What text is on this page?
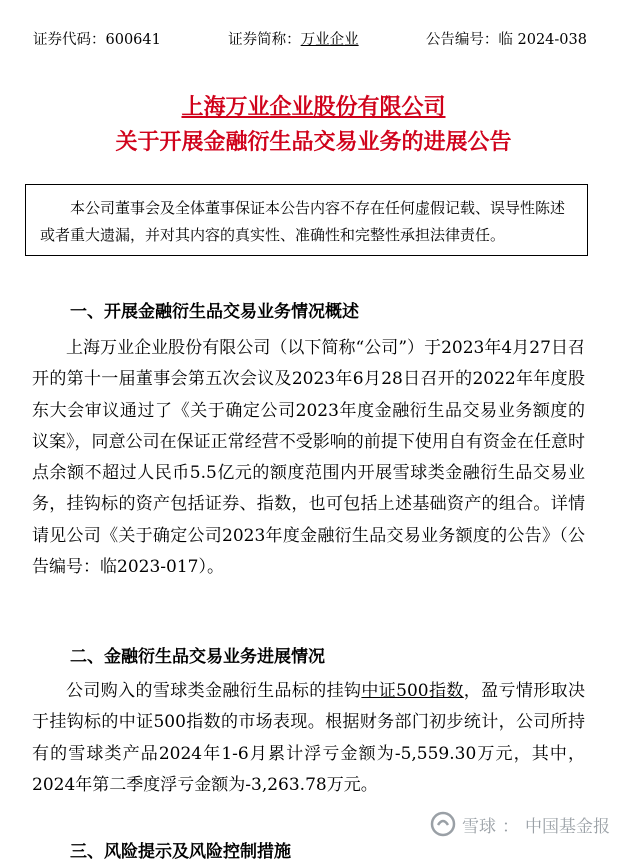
证券代码：600641	证券简称：万业企业	公告编号：临 2024-038
上海万业企业股份有限公司
关于开展金融衍生品交易业务的进展公告
本公司董事会及全体董事保证本公告内容不存在任何虚假记载、误导性陈述或者重大遗漏，并对其内容的真实性、准确性和完整性承担法律责任。
一、开展金融衍生品交易业务情况概述
上海万业企业股份有限公司（以下简称“公司”）于2023年4月27日召开的第十一届董事会第五次会议及2023年6月28日召开的2022年年度股东大会审议通过了《关于确定公司2023年度金融衍生品交易业务额度的议案》，同意公司在保证正常经营不受影响的前提下使用自有资金在任意时点余额不超过人民币5.5亿元的额度范围内开展雪球类金融衍生品交易业务，挂钩标的资产包括证券、指数，也可包括上述基础资产的组合。详情请见公司《关于确定公司2023年度金融衍生品交易业务额度的公告》（公告编号：临2023-017）。
二、金融衍生品交易业务进展情况
公司购入的雪球类金融衍生品标的挂钩中证500指数，盈亏情形取决于挂钩标的中证500指数的市场表现。根据财务部门初步统计，公司所持有的雪球类产品2024年1-6月累计浮亏金额为-5,559.30万元，其中，2024年第二季度浮亏金额为-3,263.78万元。
三、风险提示及风险控制措施
雪球 ： 中国基金报
